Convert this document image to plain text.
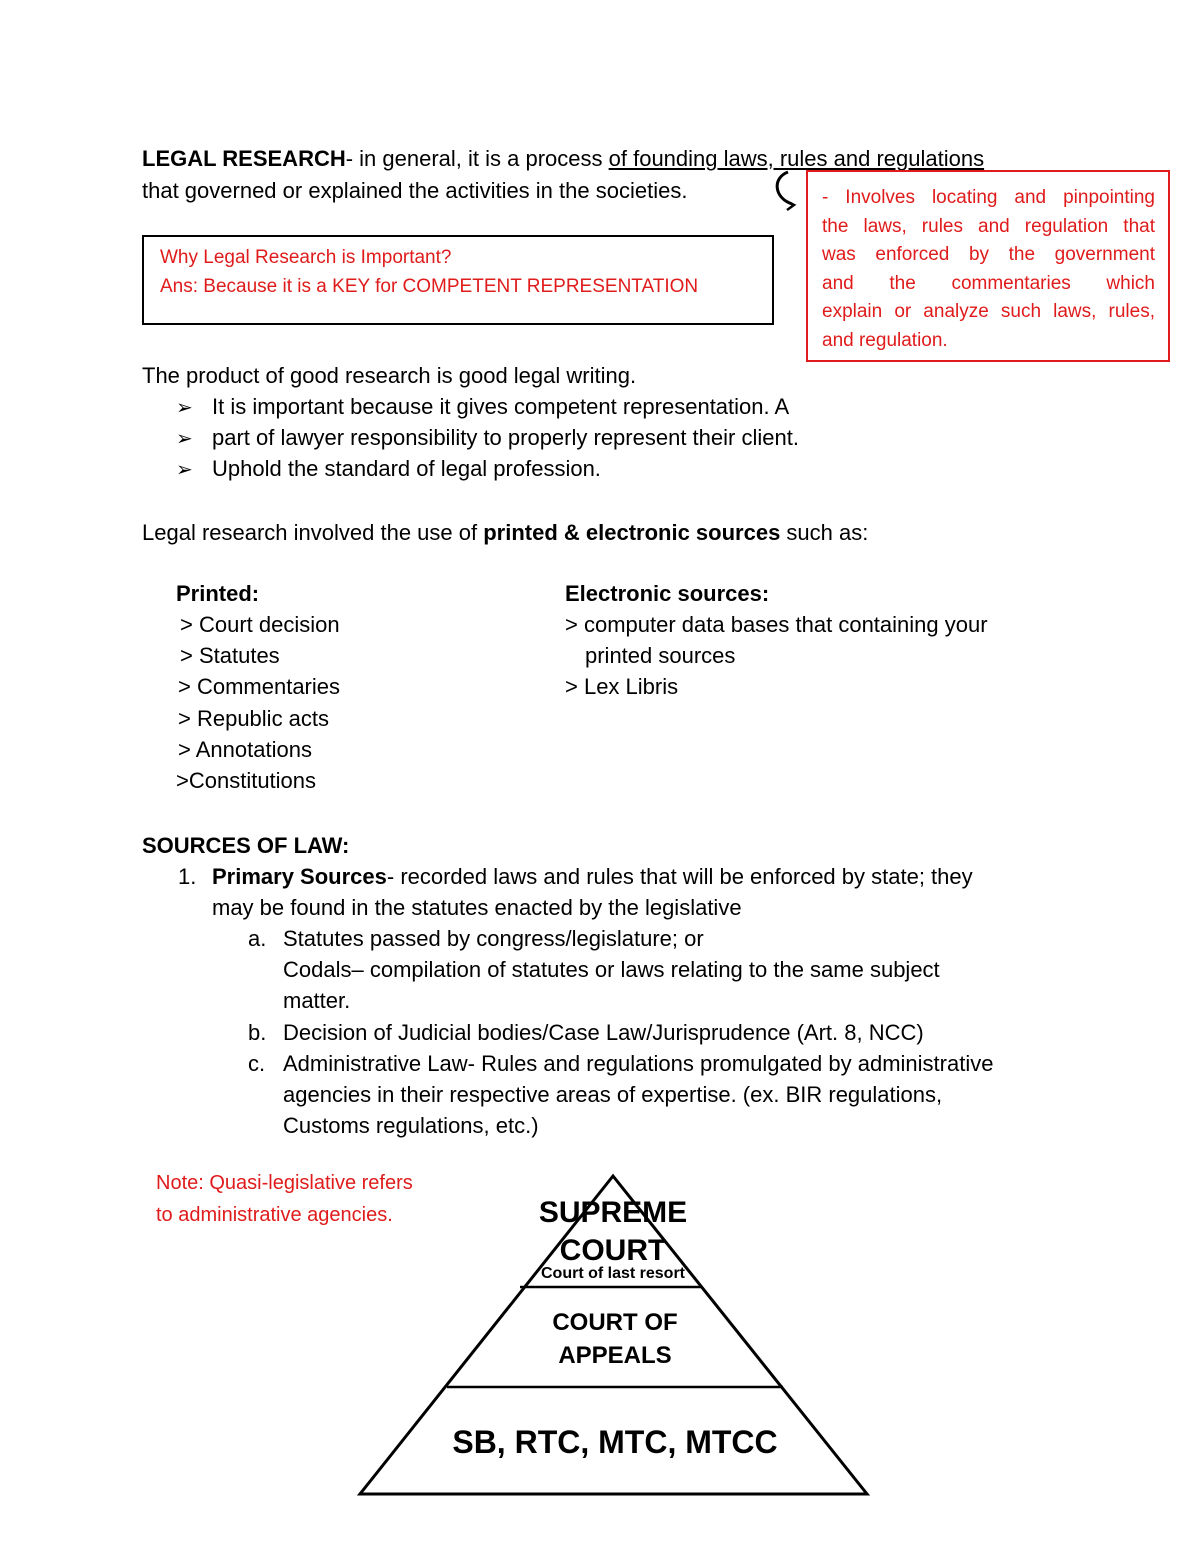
LEGAL RESEARCH- in general, it is a process of founding laws, rules and regulations
that governed or explained the activities in the societies.
Why Legal Research is Important?
Ans: Because it is a KEY for COMPETENT REPRESENTATION
- Involves locating and pinpointing
the laws, rules and regulation that
was enforced by the government
and the commentaries which
explain or analyze such laws, rules,
and regulation.
The product of good research is good legal writing.
➢ It is important because it gives competent representation. A
➢ part of lawyer responsibility to properly represent their client.
➢ Uphold the standard of legal profession.
Legal research involved the use of printed & electronic sources such as:
Printed:
> Court decision
> Statutes
> Commentaries
> Republic acts
> Annotations
>Constitutions
Electronic sources:
> computer data bases that containing your
printed sources
> Lex Libris
SOURCES OF LAW:
1. Primary Sources- recorded laws and rules that will be enforced by state; they
may be found in the statutes enacted by the legislative
a. Statutes passed by congress/legislature; or
Codals– compilation of statutes or laws relating to the same subject
matter.
b. Decision of Judicial bodies/Case Law/Jurisprudence (Art. 8, NCC)
c. Administrative Law- Rules and regulations promulgated by administrative
agencies in their respective areas of expertise. (ex. BIR regulations,
Customs regulations, etc.)
Note: Quasi-legislative refers
to administrative agencies.	SUPREME
COURT
Court of last resort
COURT OF
APPEALS
SB, RTC, MTC, MTCC
